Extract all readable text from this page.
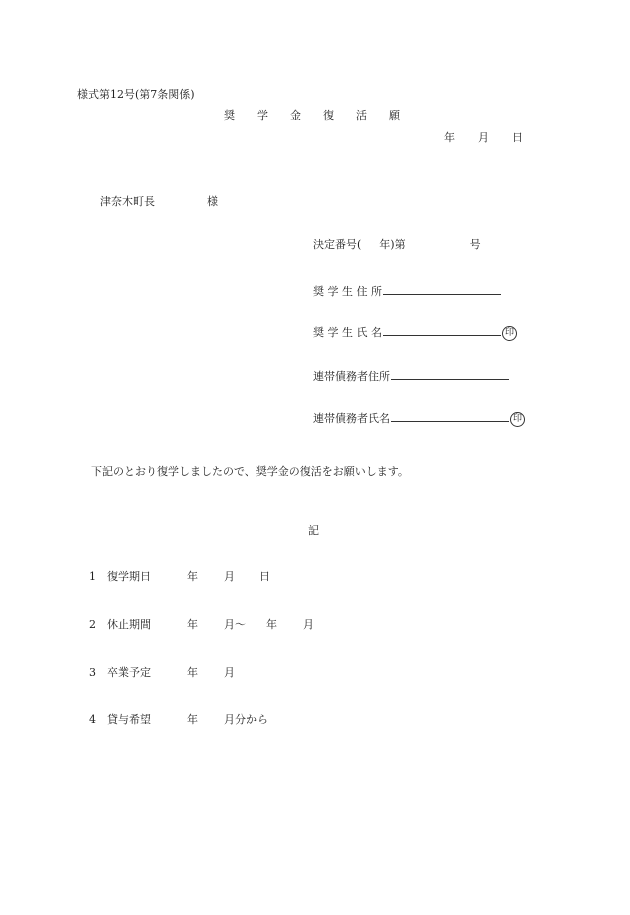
様式第12号(第7条関係)
奨 学 金 復 活 願
年 月 日
津奈木町長	様
決定番号( 年)第	号
奨 学 生 住 所
奨 学 生 氏 名	印
連帯債務者住所
連帯債務者氏名	印
下記のとおり復学しましたので、奨学金の復活をお願いします。
記
1 復学期日	年 月 日
2 休止期間	年 月～ 年 月
3 卒業予定	年 月
4 貸与希望	年 月分から
